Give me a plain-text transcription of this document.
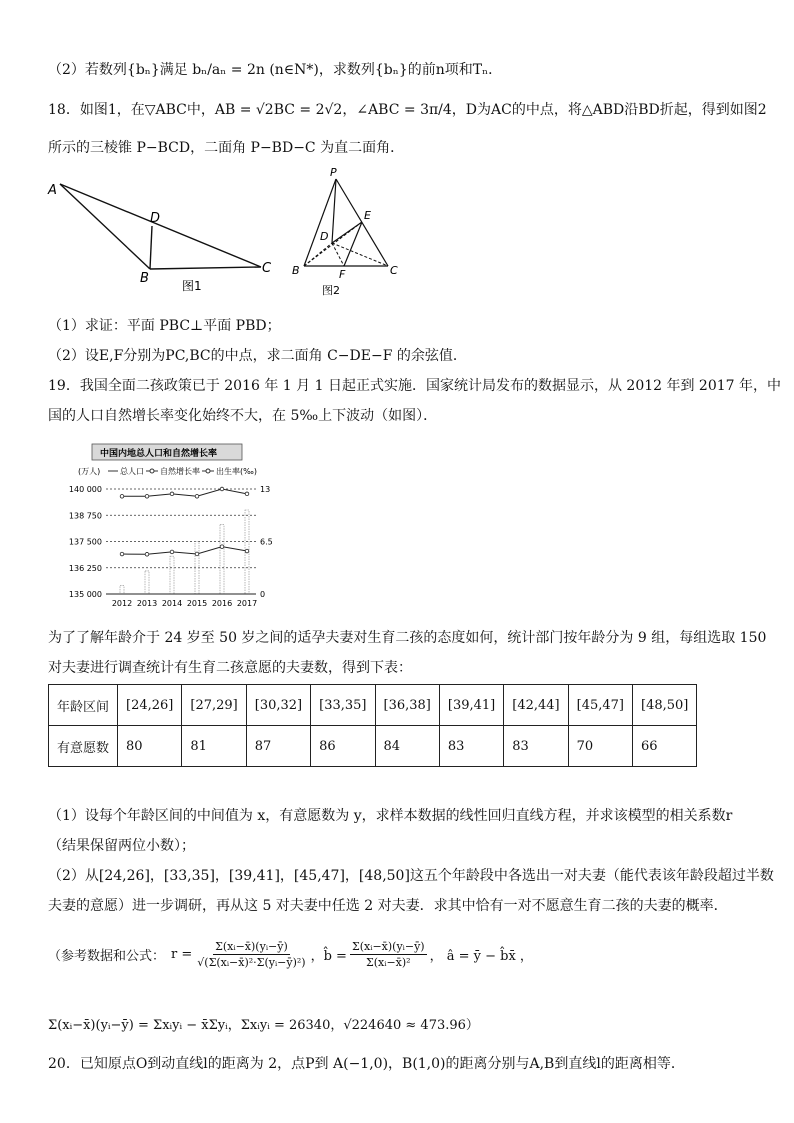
（2）若数列{bₙ}满足 bₙ/aₙ = 2n (n∈N*)，求数列{bₙ}的前n项和Tₙ．
18．如图1，在▽ABC中，AB = √2BC = 2√2，∠ABC = 3π/4，D为AC的中点，将△ABD沿BD折起，得到如图2
所示的三棱锥 P−BCD，二面角 P−BD−C 为直二面角．
A
D
B
C
图1
P
E
D
B	F	C
图2
（1）求证：平面 PBC⊥平面 PBD；
（2）设E,F分别为PC,BC的中点，求二面角 C−DE−F 的余弦值．
19．我国全面二孩政策已于 2016 年 1 月 1 日起正式实施．国家统计局发布的数据显示，从 2012 年到 2017 年，中
国的人口自然增长率变化始终不大，在 5‰上下波动（如图）．
中国内地总人口和自然增长率
(万人) 总人口 自然增长率 出生率(‰)
140 000
138 750
137 500
136 250
135 000
13
6.5
0
2012 2013 2014 2015 2016 2017
为了了解年龄介于 24 岁至 50 岁之间的适孕夫妻对生育二孩的态度如何，统计部门按年龄分为 9 组，每组选取 150
对夫妻进行调查统计有生育二孩意愿的夫妻数，得到下表：
年龄区间	[24,26]	[27,29]	[30,32]	[33,35]	[36,38]	[39,41]	[42,44]	[45,47]	[48,50]
有意愿数	80	81	87	86	84	83	83	70	66
（1）设每个年龄区间的中间值为 x，有意愿数为 y，求样本数据的线性回归直线方程，并求该模型的相关系数r
（结果保留两位小数）；
（2）从[24,26]，[33,35]，[39,41]，[45,47]，[48,50]这五个年龄段中各选出一对夫妻（能代表该年龄段超过半数
夫妻的意愿）进一步调研，再从这 5 对夫妻中任选 2 对夫妻．求其中恰有一对不愿意生育二孩的夫妻的概率．
（参考数据和公式： $r = \frac{\text{Σ(xᵢ−x̄)(yᵢ−ȳ)}}{\text{√(Σ(xᵢ−x̄)²·Σ(yᵢ−ȳ)²)}}$ ，b̂ = $\frac{\text{Σ(xᵢ−x̄)(yᵢ−ȳ)}}{\text{Σ(xᵢ−x̄)²}}$ ， â = ȳ − b̂x̄ ，
Σ(xᵢ−x̄)(yᵢ−ȳ) = Σxᵢyᵢ − x̄Σyᵢ，Σxᵢyᵢ = 26340，√224640 ≈ 473.96）
20．已知原点O到动直线l的距离为 2，点P到 A(−1,0)，B(1,0)的距离分别与A,B到直线l的距离相等．
